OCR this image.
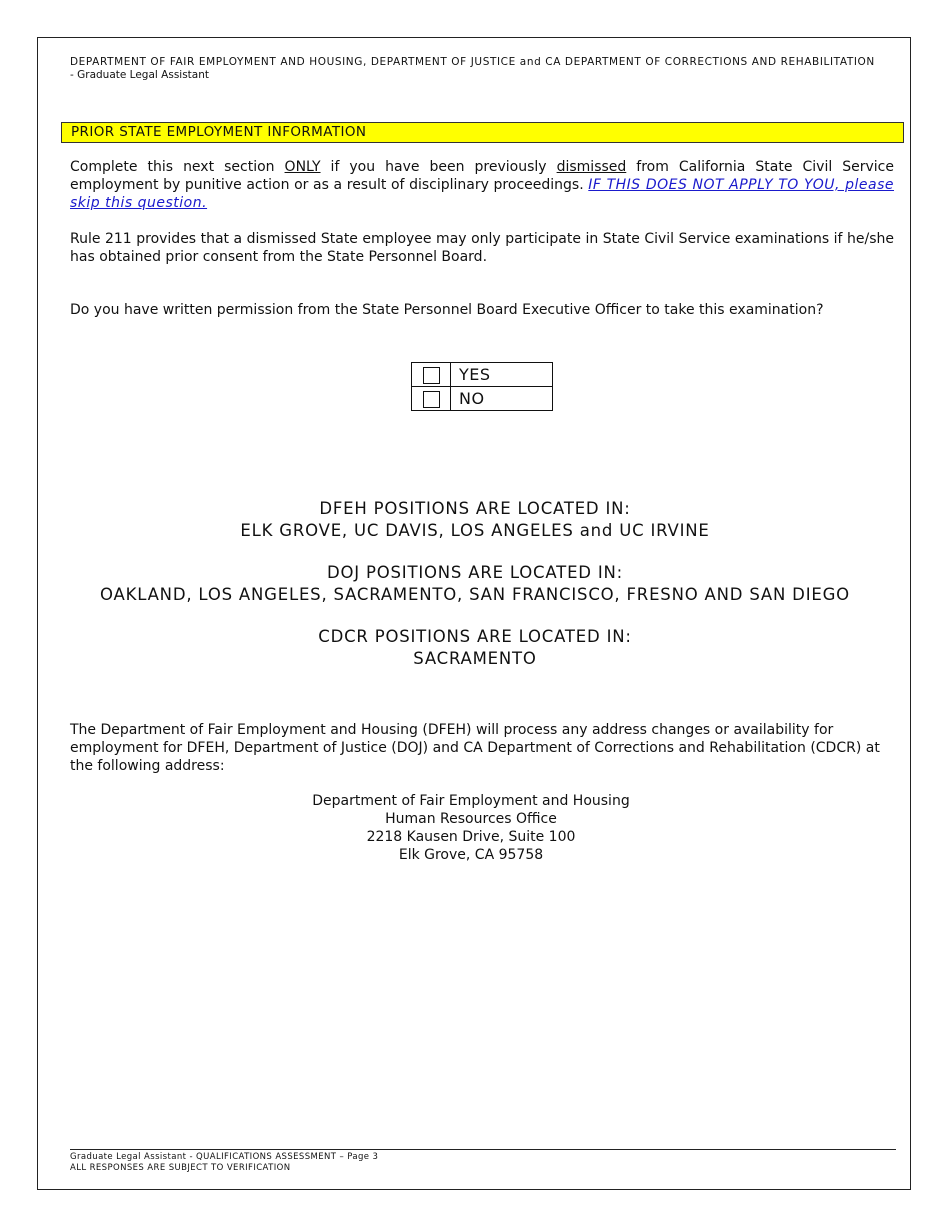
DEPARTMENT OF FAIR EMPLOYMENT AND HOUSING, DEPARTMENT OF JUSTICE and CA DEPARTMENT OF CORRECTIONS AND REHABILITATION
- Graduate Legal Assistant
PRIOR STATE EMPLOYMENT INFORMATION
Complete this next section ONLY if you have been previously dismissed from California State Civil Service employment by punitive action or as a result of disciplinary proceedings. IF THIS DOES NOT APPLY TO YOU, please skip this question.
Rule 211 provides that a dismissed State employee may only participate in State Civil Service examinations if he/she has obtained prior consent from the State Personnel Board.
Do you have written permission from the State Personnel Board Executive Officer to take this examination?
	YES
	NO
DFEH POSITIONS ARE LOCATED IN:
ELK GROVE, UC DAVIS, LOS ANGELES and UC IRVINE
DOJ POSITIONS ARE LOCATED IN:
OAKLAND, LOS ANGELES, SACRAMENTO, SAN FRANCISCO, FRESNO AND SAN DIEGO
CDCR POSITIONS ARE LOCATED IN:
SACRAMENTO
The Department of Fair Employment and Housing (DFEH) will process any address changes or availability for employment for DFEH, Department of Justice (DOJ) and CA Department of Corrections and Rehabilitation (CDCR) at the following address:
Department of Fair Employment and Housing
Human Resources Office
2218 Kausen Drive, Suite 100
Elk Grove, CA 95758
Graduate Legal Assistant - QUALIFICATIONS ASSESSMENT – Page 3
ALL RESPONSES ARE SUBJECT TO VERIFICATION
